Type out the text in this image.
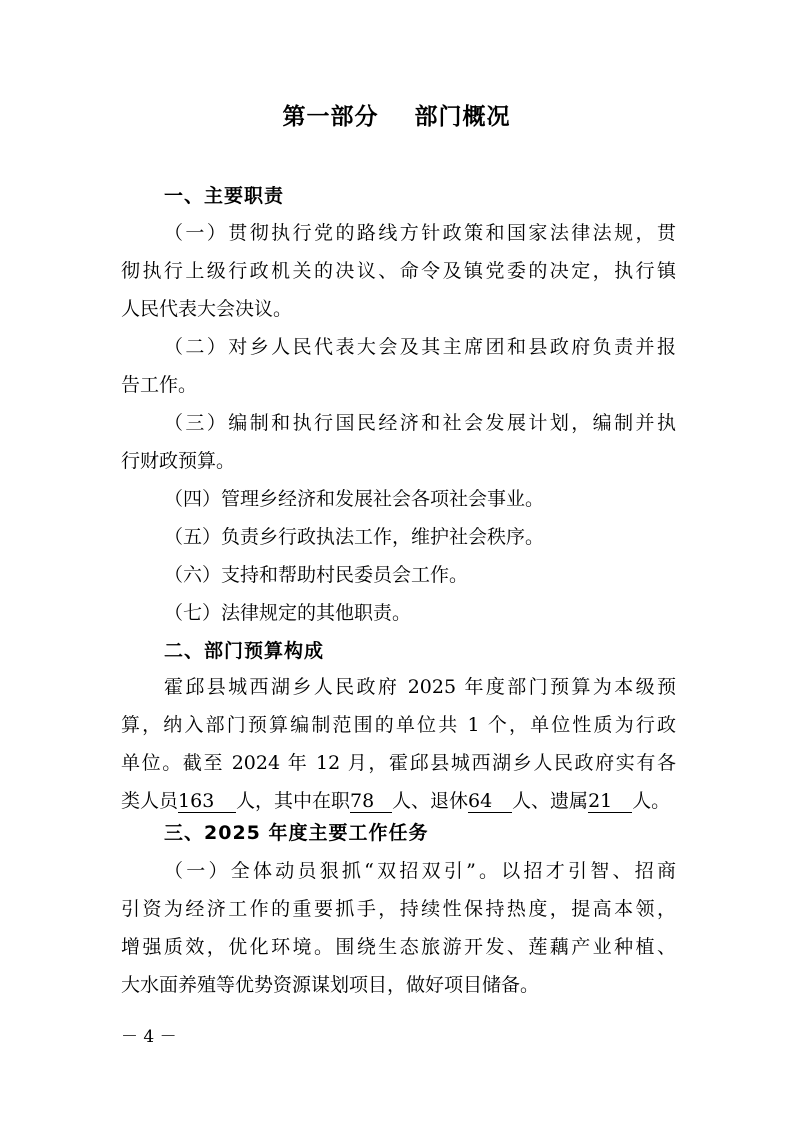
第一部分    部门概况
一、主要职责
（一）贯彻执行党的路线方针政策和国家法律法规，贯
彻执行上级行政机关的决议、命令及镇党委的决定，执行镇
人民代表大会决议。
（二）对乡人民代表大会及其主席团和县政府负责并报
告工作。
（三）编制和执行国民经济和社会发展计划，编制并执
行财政预算。
（四）管理乡经济和发展社会各项社会事业。
（五）负责乡行政执法工作，维护社会秩序。
（六）支持和帮助村民委员会工作。
（七）法律规定的其他职责。
二、部门预算构成
霍邱县城西湖乡人民政府 2025 年度部门预算为本级预
算，纳入部门预算编制范围的单位共 1 个，单位性质为行政
单位。截至 2024 年 12 月，霍邱县城西湖乡人民政府实有各
类人员163 人，其中在职78 人、退休64 人、遗属21 人。
三、2025 年度主要工作任务
（一）全体动员狠抓“双招双引”。以招才引智、招商
引资为经济工作的重要抓手，持续性保持热度，提高本领，
增强质效，优化环境。围绕生态旅游开发、莲藕产业种植、
大水面养殖等优势资源谋划项目，做好项目储备。
－ 4 －
